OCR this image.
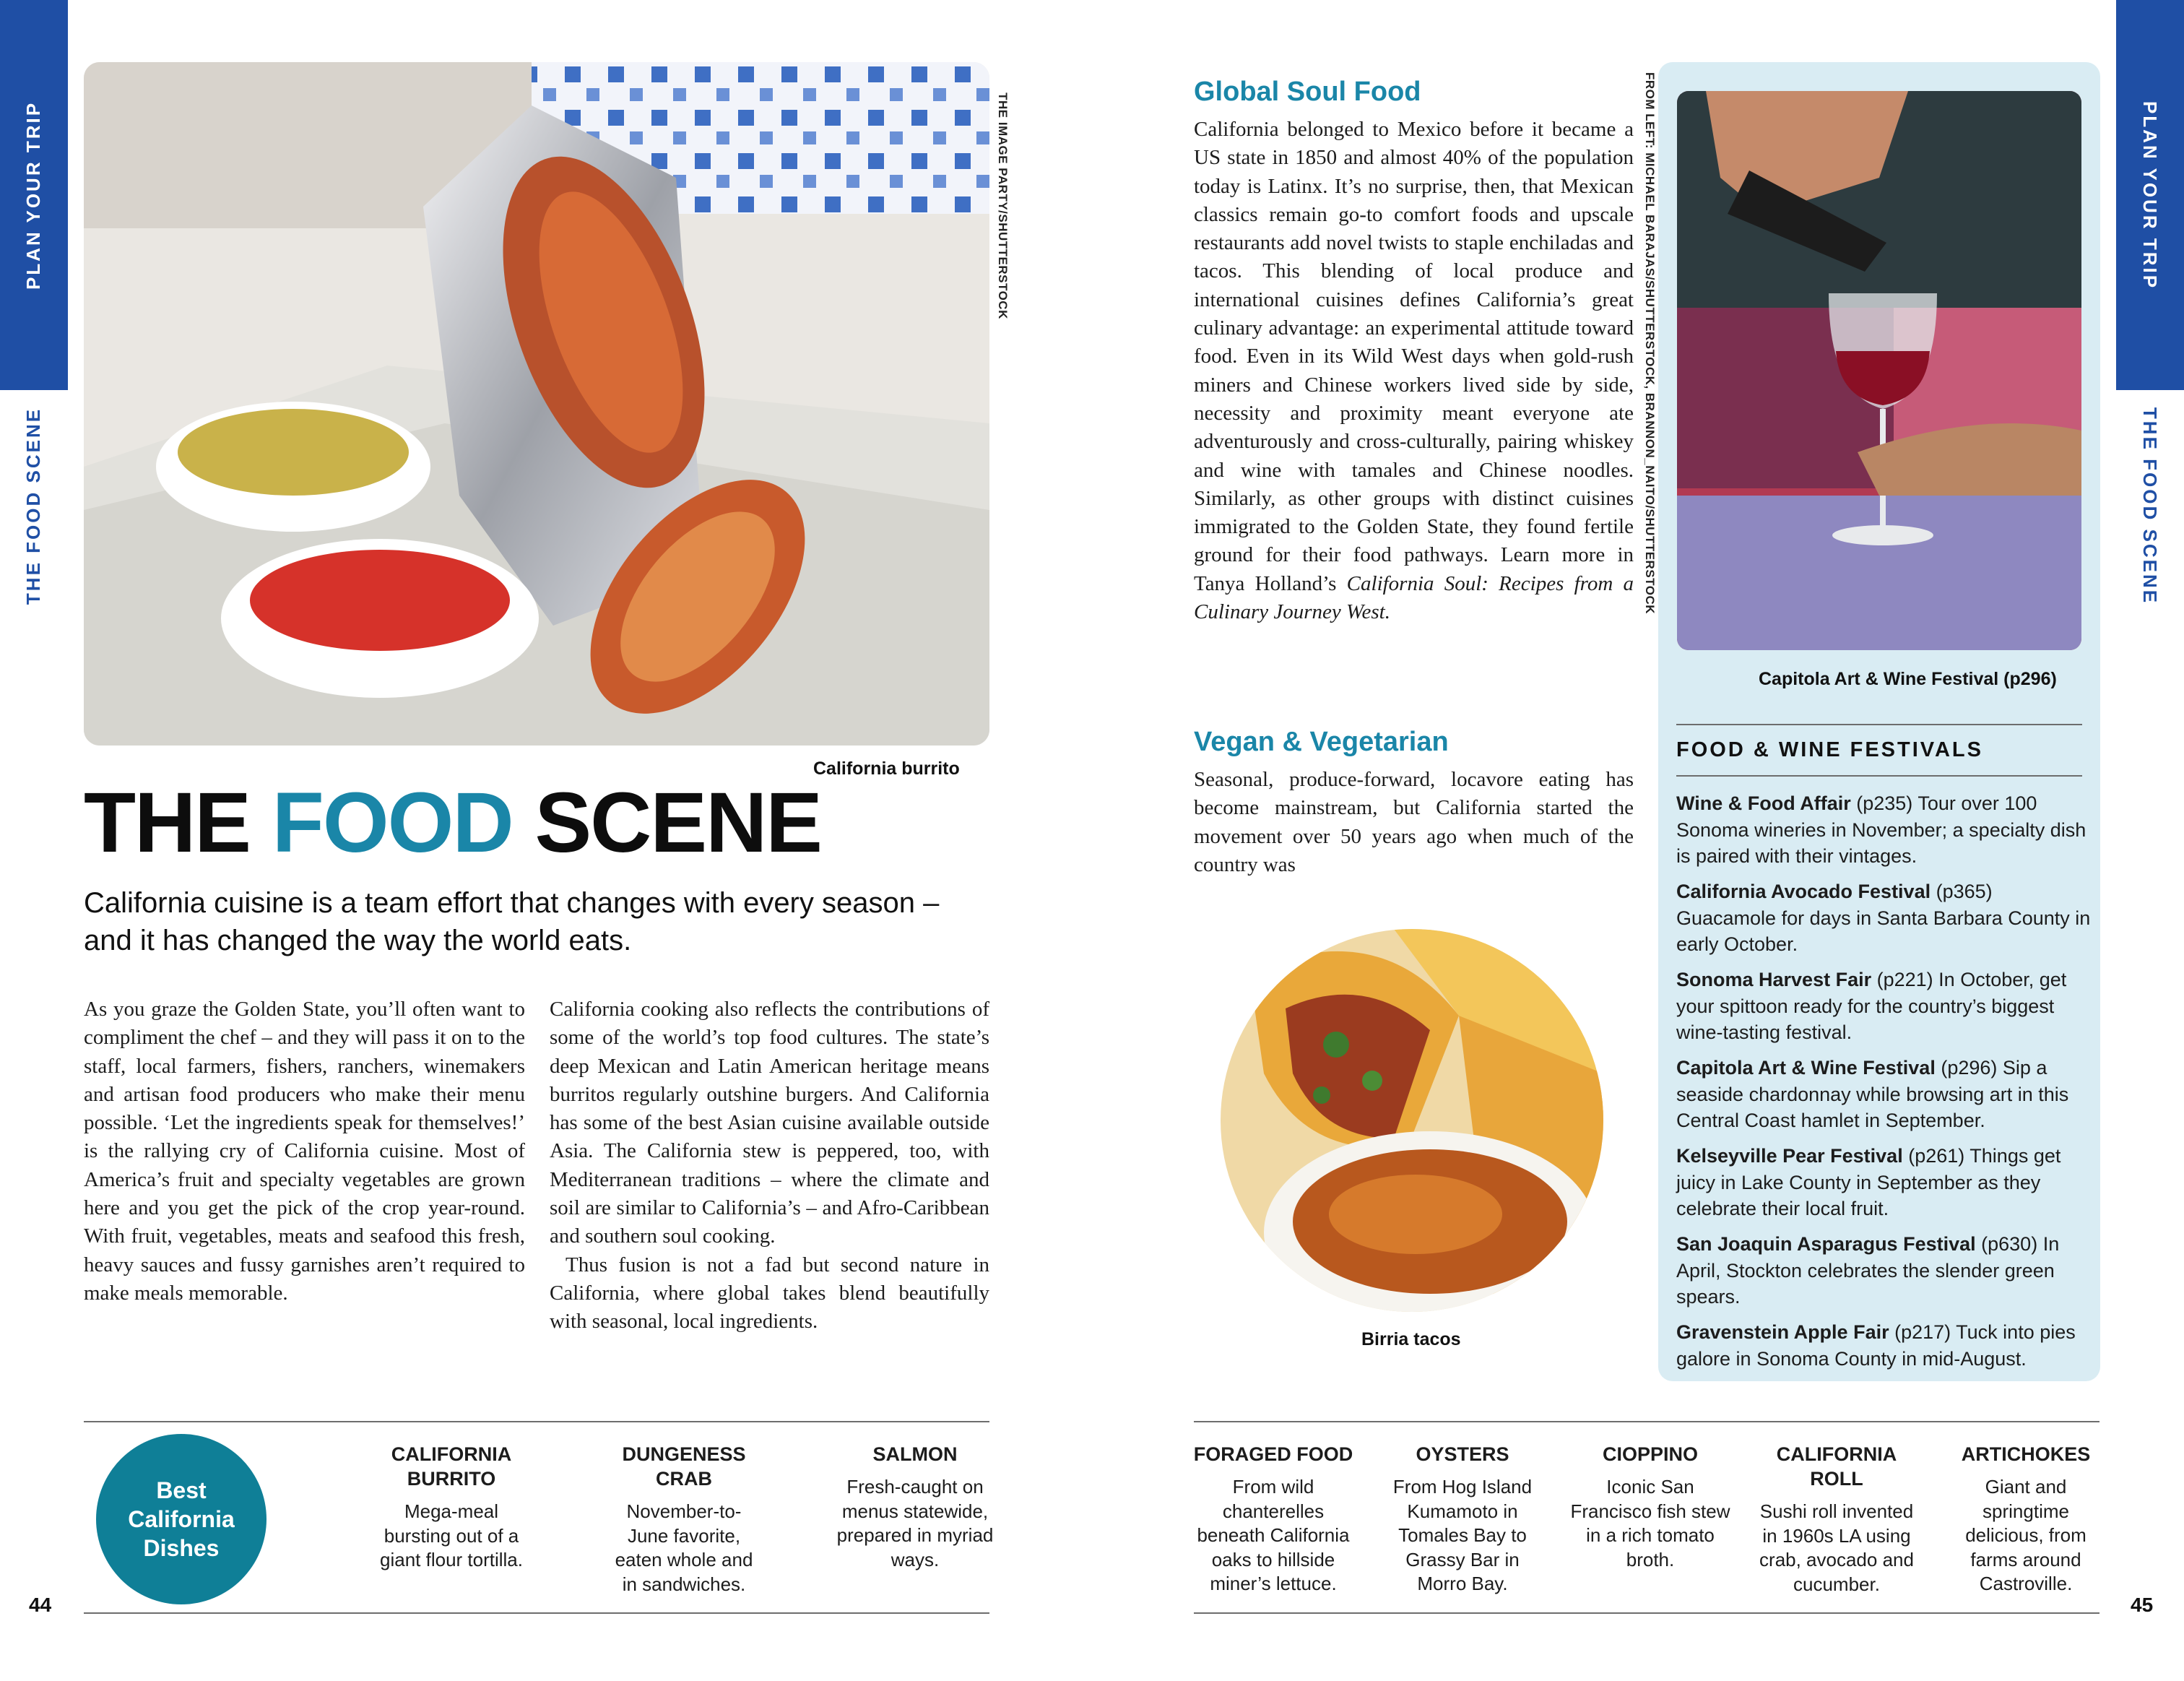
PLAN YOUR TRIP
THE FOOD SCENE
PLAN YOUR TRIP
THE FOOD SCENE
THE IMAGE PARTY/SHUTTERSTOCK
California burrito
THE FOOD SCENE

California cuisine is a team effort that changes with every season – and it has changed the way the world eats.

As you graze the Golden State, you’ll often want to compliment the chef – and they will pass it on to the staff, local farmers, fishers, ranchers, winemakers and artisan food producers who make their menu possible. ‘Let the ingredients speak for themselves!’ is the rallying cry of California cuisine. Most of America’s fruit and specialty vegetables are grown here and you get the pick of the crop year-round. With fruit, vegetables, meats and seafood this fresh, heavy sauces and fussy garnishes aren’t required to make meals memorable.

California cooking also reflects the contributions of some of the world’s top food cultures. The state’s deep Mexican and Latin American heritage means burritos regularly outshine burgers. And California has some of the best Asian cuisine available outside Asia. The California stew is peppered, too, with Mediterranean traditions – where the climate and soil are similar to California’s – and Afro-Caribbean and southern soul cooking.

Thus fusion is not a fad but second nature in California, where global takes blend beautifully with seasonal, local ingredients.

Global Soul Food

California belonged to Mexico before it became a US state in 1850 and almost 40% of the population today is Latinx. It’s no surprise, then, that Mexican classics remain go-to comfort foods and upscale restaurants add novel twists to staple enchiladas and tacos. This blending of local produce and international cuisines defines California’s great culinary advantage: an experimental attitude toward food. Even in its Wild West days when gold-rush miners and Chinese workers lived side by side, necessity and proximity meant everyone ate adventurously and cross-culturally, pairing whiskey and wine with tamales and Chinese noodles. Similarly, as other groups with distinct cuisines immigrated to the Golden State, they found fertile ground for their food pathways. Learn more in Tanya Holland’s California Soul: Recipes from a Culinary Journey West.

Vegan & Vegetarian

Seasonal, produce-forward, locavore eating has become mainstream, but California started the movement over 50 years ago when much of the country was

FROM LEFT: MICHAEL BARAJAS/SHUTTERSTOCK, BRANNON_NAITO/SHUTTERSTOCK
Birria tacos
Capitola Art & Wine Festival (p296)
FOOD & WINE FESTIVALS
Wine & Food Affair (p235) Tour over 100 Sonoma wineries in November; a specialty dish is paired with their vintages.
California Avocado Festival (p365) Guacamole for days in Santa Barbara County in early October.
Sonoma Harvest Fair (p221) In October, get your spittoon ready for the country’s biggest wine-tasting festival.
Capitola Art & Wine Festival (p296) Sip a seaside chardonnay while browsing art in this Central Coast hamlet in September.
Kelseyville Pear Festival (p261) Things get juicy in Lake County in September as they celebrate their local fruit.
San Joaquin Asparagus Festival (p630) In April, Stockton celebrates the slender green spears.
Gravenstein Apple Fair (p217) Tuck into pies galore in Sonoma County in mid-August.
Best
California
Dishes
CALIFORNIA BURRITO
Mega-meal bursting out of a giant flour tortilla.
DUNGENESS CRAB
November-to-June favorite, eaten whole and in sandwiches.
SALMON
Fresh-caught on menus statewide, prepared in myriad ways.
FORAGED FOOD
From wild chanterelles beneath California oaks to hillside miner’s lettuce.
OYSTERS
From Hog Island Kumamoto in Tomales Bay to Grassy Bar in Morro Bay.
CIOPPINO
Iconic San Francisco fish stew in a rich tomato broth.
CALIFORNIA ROLL
Sushi roll invented in 1960s LA using crab, avocado and cucumber.
ARTICHOKES
Giant and springtime delicious, from farms around Castroville.
44	45
